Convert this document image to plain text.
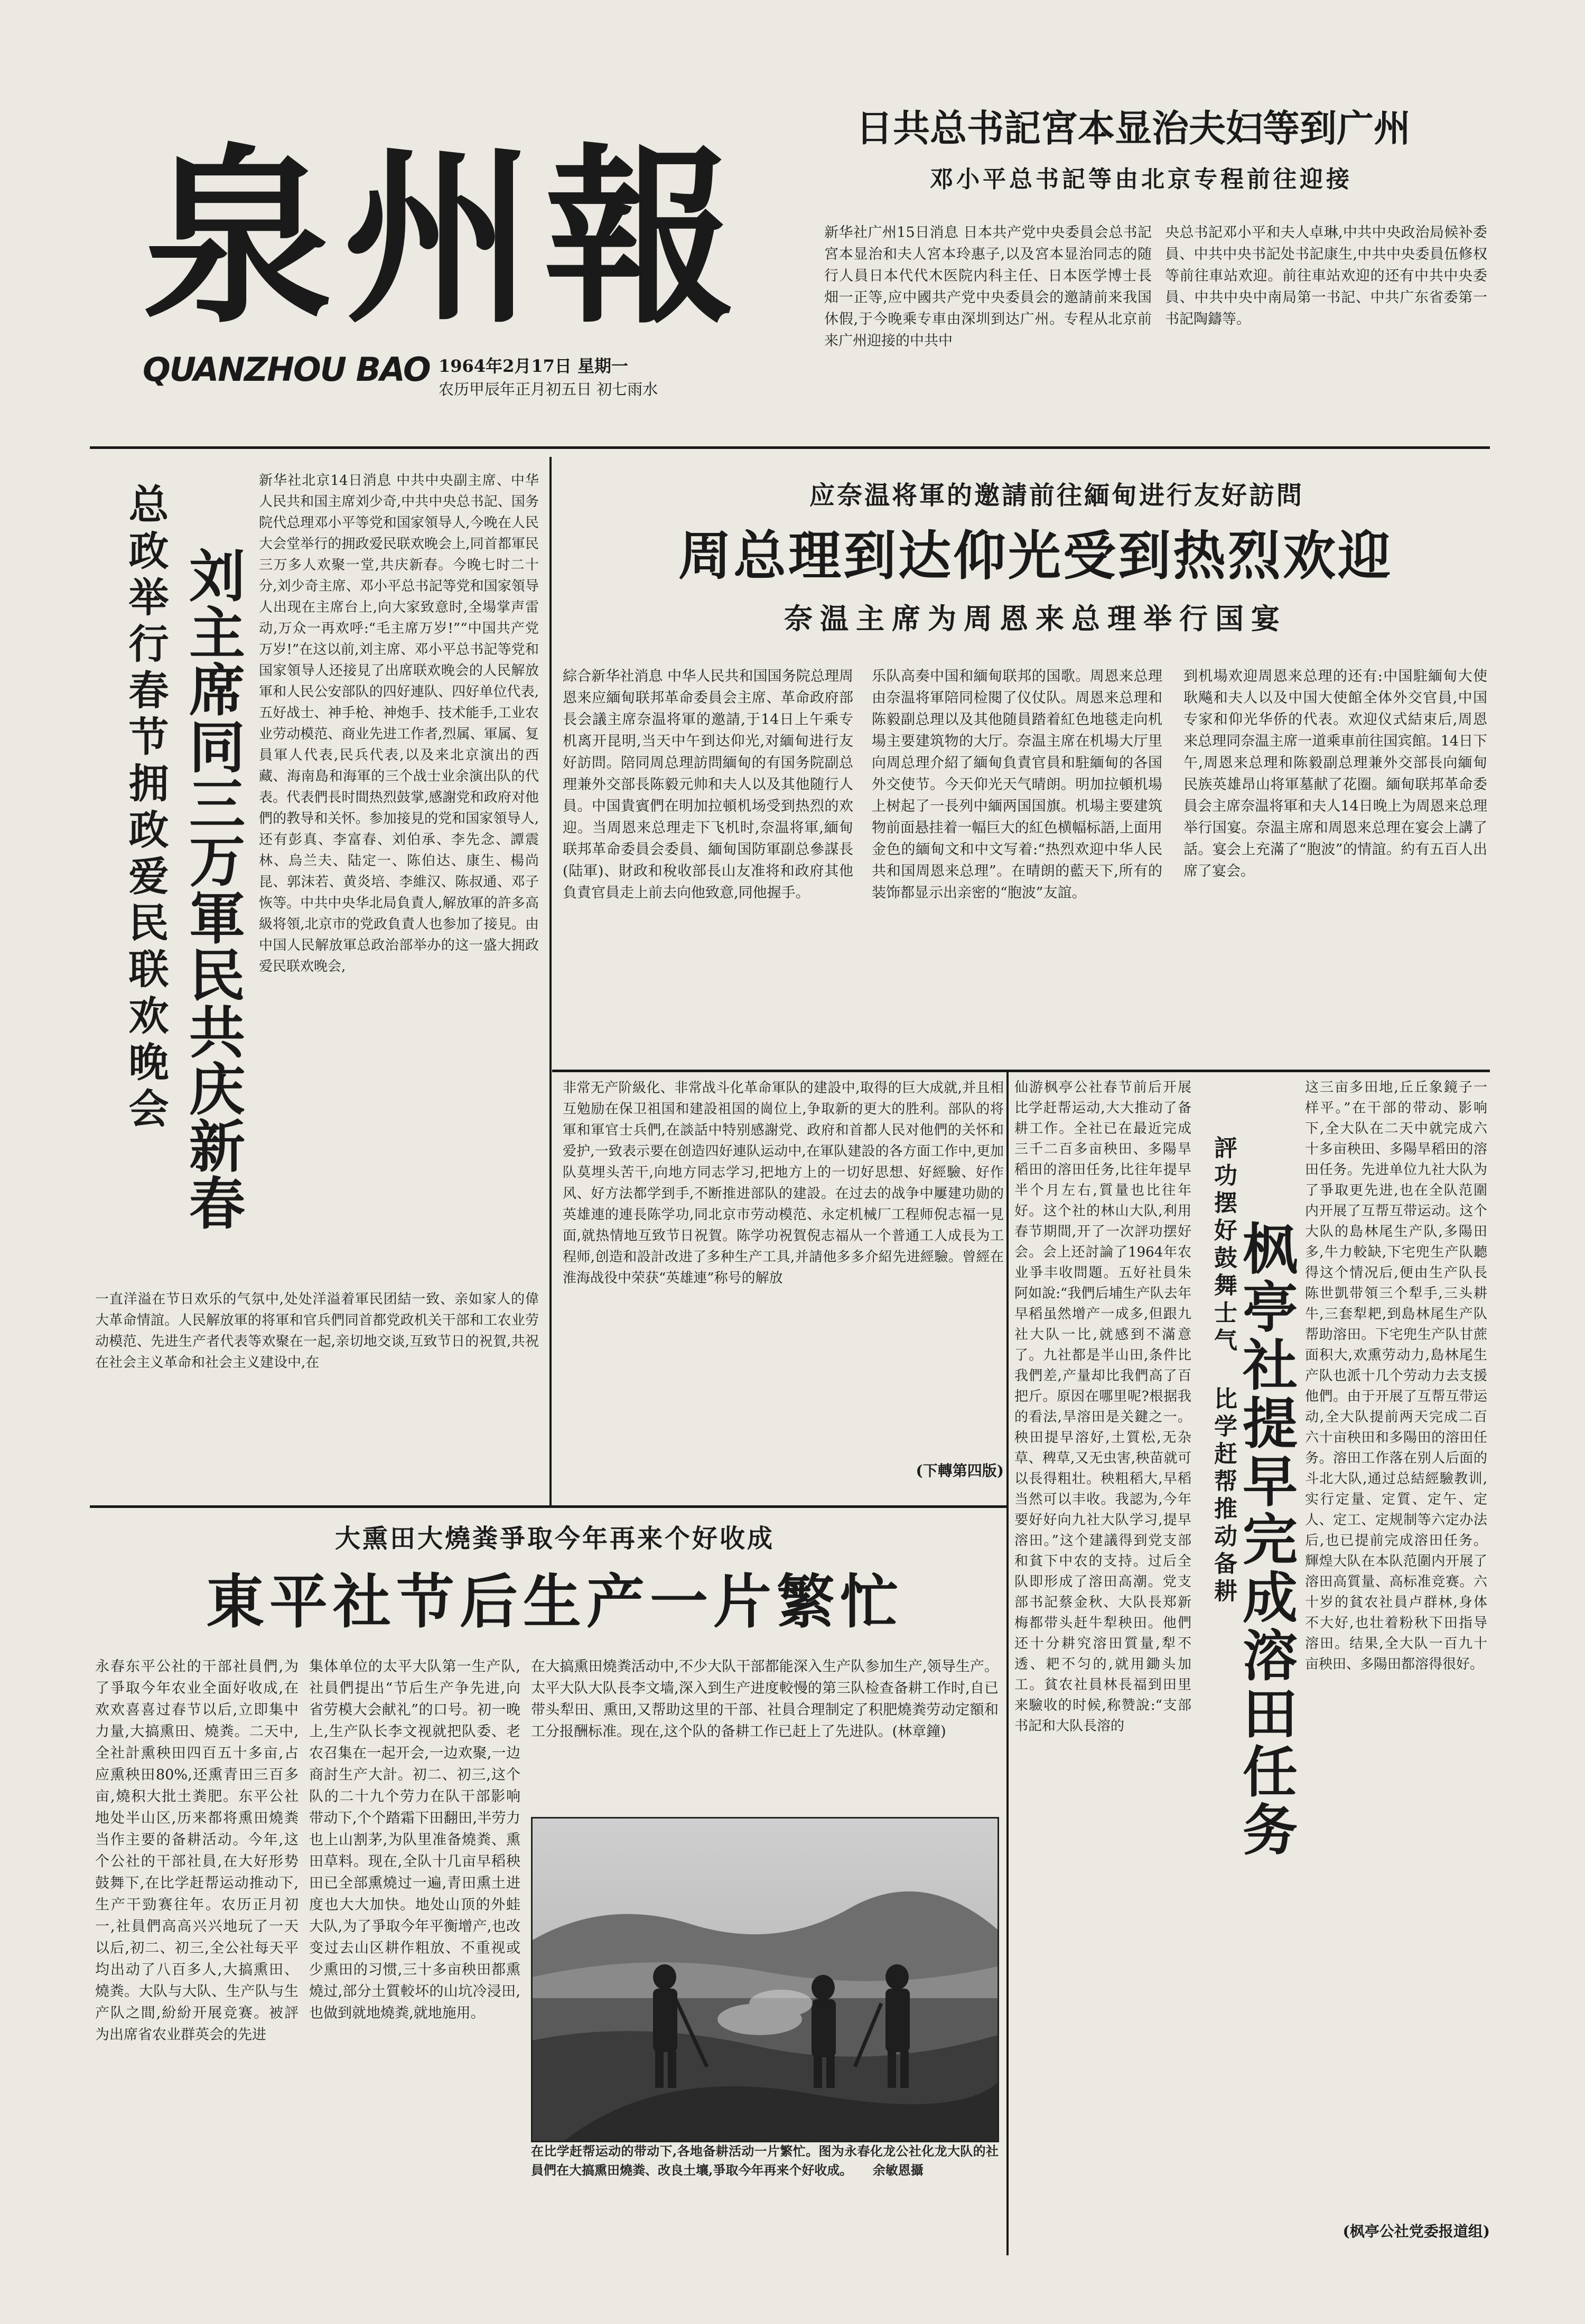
泉州報
QUANZHOU BAO 1964年2月17日 星期一
农历甲辰年正月初五日 初七雨水
日共总书記宮本显治夫妇等到广州
邓小平总书記等由北京专程前往迎接
新华社广州15日消息 日本共产党中央委員会总书記宮本显治和夫人宮本玲惠子,以及宮本显治同志的随行人員日本代代木医院内科主任、日本医学博士長畑一正等,应中國共产党中央委員会的邀請前来我国休假,于今晚乘专車由深圳到达广州。专程从北京前来广州迎接的中共中
央总书記邓小平和夫人卓琳,中共中央政治局候补委員、中共中央书記处书記康生,中共中央委員伍修权等前往車站欢迎。前往車站欢迎的还有中共中央委員、中共中央中南局第一书記、中共广东省委第一书記陶鑄等。
总政举行春节拥政爱民联欢晚会 刘主席同三万軍民共庆新春
新华社北京14日消息 中共中央副主席、中华人民共和国主席刘少奇,中共中央总书記、国务院代总理邓小平等党和国家領导人,今晚在人民大会堂举行的拥政爱民联欢晚会上,同首都軍民三万多人欢聚一堂,共庆新春。今晚七时二十分,刘少奇主席、邓小平总书記等党和国家領导人出现在主席台上,向大家致意时,全場掌声雷动,万众一再欢呼:“毛主席万岁!”“中国共产党万岁!”在这以前,刘主席、邓小平总书記等党和国家領导人还接見了出席联欢晚会的人民解放軍和人民公安部队的四好連队、四好单位代表,五好战士、神手枪、神炮手、技术能手,工业农业劳动模范、商业先进工作者,烈属、軍属、复員軍人代表,民兵代表,以及来北京演出的西藏、海南島和海軍的三个战士业余演出队的代表。代表們長时間热烈鼓掌,感謝党和政府对他們的教导和关怀。参加接見的党和国家領导人,还有彭真、李富春、刘伯承、李先念、譚震林、烏兰夫、陆定一、陈伯达、康生、楊尚昆、郭沫若、黄炎培、李維汉、陈叔通、邓子恢等。中共中央华北局負責人,解放軍的許多高級将領,北京市的党政負責人也参加了接見。由中国人民解放軍总政治部举办的这一盛大拥政爱民联欢晚会,
一直洋溢在节日欢乐的气氛中,处处洋溢着軍民团結一致、亲如家人的偉大革命情誼。人民解放軍的将軍和官兵們同首都党政机关干部和工农业劳动模范、先进生产者代表等欢聚在一起,亲切地交谈,互致节日的祝賀,共祝在社会主义革命和社会主义建设中,在
应奈温将軍的邀請前往緬甸进行友好訪問
周总理到达仰光受到热烈欢迎
奈温主席为周恩来总理举行国宴
綜合新华社消息 中华人民共和国国务院总理周恩来应緬甸联邦革命委員会主席、革命政府部長会議主席奈温将軍的邀請,于14日上午乘专机离开昆明,当天中午到达仰光,对緬甸进行友好訪問。陪同周总理訪問緬甸的有国务院副总理兼外交部長陈毅元帅和夫人以及其他随行人員。中国貴賓們在明加拉頓机场受到热烈的欢迎。当周恩来总理走下飞机时,奈温将軍,緬甸联邦革命委員会委員、緬甸国防軍副总參謀長(陆軍)、財政和稅收部長山友准将和政府其他負責官員走上前去向他致意,同他握手。
乐队高奏中国和緬甸联邦的国歌。周恩来总理由奈温将軍陪同检閱了仪仗队。周恩来总理和陈毅副总理以及其他随員踏着紅色地毯走向机場主要建筑物的大厅。奈温主席在机場大厅里向周总理介紹了緬甸負責官員和駐緬甸的各国外交使节。今天仰光天气晴朗。明加拉頓机場上树起了一長列中緬两国国旗。机場主要建筑物前面悬挂着一幅巨大的紅色横幅标語,上面用金色的緬甸文和中文写着:“热烈欢迎中华人民共和国周恩来总理”。在晴朗的藍天下,所有的装饰都显示出亲密的“胞波”友誼。
到机場欢迎周恩来总理的还有:中国駐緬甸大使耿飚和夫人以及中国大使館全体外交官員,中国专家和仰光华侨的代表。欢迎仪式結束后,周恩来总理同奈温主席一道乘車前往国宾館。14日下午,周恩来总理和陈毅副总理兼外交部長向緬甸民族英雄昂山将軍墓献了花圈。緬甸联邦革命委員会主席奈温将軍和夫人14日晚上为周恩来总理举行国宴。奈温主席和周恩来总理在宴会上講了話。宴会上充滿了“胞波”的情誼。約有五百人出席了宴会。
非常无产阶級化、非常战斗化革命軍队的建設中,取得的巨大成就,并且相互勉励在保卫祖国和建設祖国的崗位上,争取新的更大的胜利。部队的将軍和軍官士兵們,在談話中特别感謝党、政府和首都人民对他們的关怀和爱护,一致表示要在创造四好連队运动中,在軍队建設的各方面工作中,更加队莫埋头苦干,向地方同志学习,把地方上的一切好思想、好經驗、好作风、好方法都学到手,不断推进部队的建設。在过去的战争中屢建功勋的英雄連的連長陈学功,同北京市劳动模范、永定机械厂工程师倪志福一見面,就热情地互致节日祝賀。陈学功祝賀倪志福从一个普通工人成長为工程师,创造和設計改进了多种生产工具,并請他多多介紹先进經驗。曾經在淮海战役中荣获“英雄連”称号的解放
(下轉第四版)
大熏田大燒粪爭取今年再来个好收成
東平社节后生产一片繁忙
永春东平公社的干部社員們,为了爭取今年农业全面好收成,在欢欢喜喜过春节以后,立即集中力量,大搞熏田、燒粪。二天中,全社計熏秧田四百五十多亩,占应熏秧田80%,还熏青田三百多亩,燒积大批土粪肥。东平公社地处半山区,历来都将熏田燒粪当作主要的备耕活动。今年,这个公社的干部社員,在大好形势鼓舞下,在比学赶帮运动推动下,生产干勁赛往年。农历正月初一,社員們高高兴兴地玩了一天以后,初二、初三,全公社每天平均出动了八百多人,大搞熏田、燒粪。大队与大队、生产队与生产队之間,紛紛开展竞赛。被評为出席省农业群英会的先进
集体单位的太平大队第一生产队,社員們提出“节后生产争先进,向省劳模大会献礼”的口号。初一晚上,生产队长李文视就把队委、老农召集在一起开会,一边欢聚,一边商討生产大計。初二、初三,这个队的二十九个劳力在队干部影响带动下,个个踏霜下田翻田,半劳力也上山割茅,为队里准备燒粪、熏田草料。现在,全队十几亩早稻秧田已全部熏燒过一遍,青田熏土进度也大大加快。地处山顶的外蛙大队,为了爭取今年平衡增产,也改变过去山区耕作粗放、不重视或少熏田的习惯,三十多亩秧田都熏燒过,部分土質較坏的山坑冷浸田,也做到就地燒粪,就地施用。
在大搞熏田燒粪活动中,不少大队干部都能深入生产队参加生产,领导生产。太平大队大队長李文墙,深入到生产进度較慢的第三队检查备耕工作时,自已带头犁田、熏田,又帮助这里的干部、社員合理制定了积肥燒粪劳动定額和工分报酬标准。现在,这个队的备耕工作已赶上了先进队。(林章鐘)
在比学赶帮运动的带动下,各地备耕活动一片繁忙。图为永春化龙公社化龙大队的社員們在大搞熏田燒粪、改良土壤,爭取今年再来个好收成。 余敏恩攝
仙游枫亭公社春节前后开展比学赶帮运动,大大推动了备耕工作。全社已在最近完成三千二百多亩秧田、多陽旱稻田的溶田任务,比往年提早半个月左右,質量也比往年好。这个社的林山大队,利用春节期間,开了一次評功摆好会。会上还討論了1964年农业爭丰收問題。五好社員朱阿如說:“我們后埔生产队去年早稻虽然增产一成多,但跟九社大队一比,就感到不滿意了。九社都是半山田,条件比我們差,产量却比我們高了百把斤。原因在哪里呢?根据我的看法,旱溶田是关鍵之一。秧田提早溶好,土質松,无杂草、稗草,又无虫害,秧苗就可以長得粗壮。秧粗稻大,早稻当然可以丰收。我認为,今年要好好向九社大队学习,提早溶田。”这个建議得到党支部和貧下中农的支持。过后全队即形成了溶田高潮。党支部书記蔡金秋、大队長郑新梅都带头赶牛犁秧田。他們还十分耕究溶田質量,犁不透、耙不匀的,就用鋤头加工。貧农社員林長福到田里来驗收的时候,称赞說:“支部书記和大队長溶的
評功摆好鼓舞士气 比学赶帮推动备耕
枫亭社提早完成溶田任务
这三亩多田地,丘丘象鏡子一样平。”在干部的带动、影响下,全大队在二天中就完成六十多亩秧田、多陽旱稻田的溶田任务。先进单位九社大队为了爭取更先进,也在全队范圍内开展了互帮互带运动。这个大队的島林尾生产队,多陽田多,牛力較缺,下宅兜生产队聽得这个情况后,便由生产队長陈世凱带領三个犁手,三头耕牛,三套犁耙,到島林尾生产队帮助溶田。下宅兜生产队甘蔗面积大,欢熏劳动力,島林尾生产队也派十几个劳动力去支援他們。由于开展了互帮互带运动,全大队提前两天完成二百六十亩秧田和多陽田的溶田任务。溶田工作落在别人后面的斗北大队,通过总結經驗教训,实行定量、定質、定午、定人、定工、定规制等六定办法后,也已提前完成溶田任务。輝煌大队在本队范圍内开展了溶田高質量、高标准竞赛。六十岁的貧农社員卢群林,身体不大好,也壮着粉秋下田指导溶田。结果,全大队一百九十亩秧田、多陽田都溶得很好。
(枫亭公社党委报道组)
